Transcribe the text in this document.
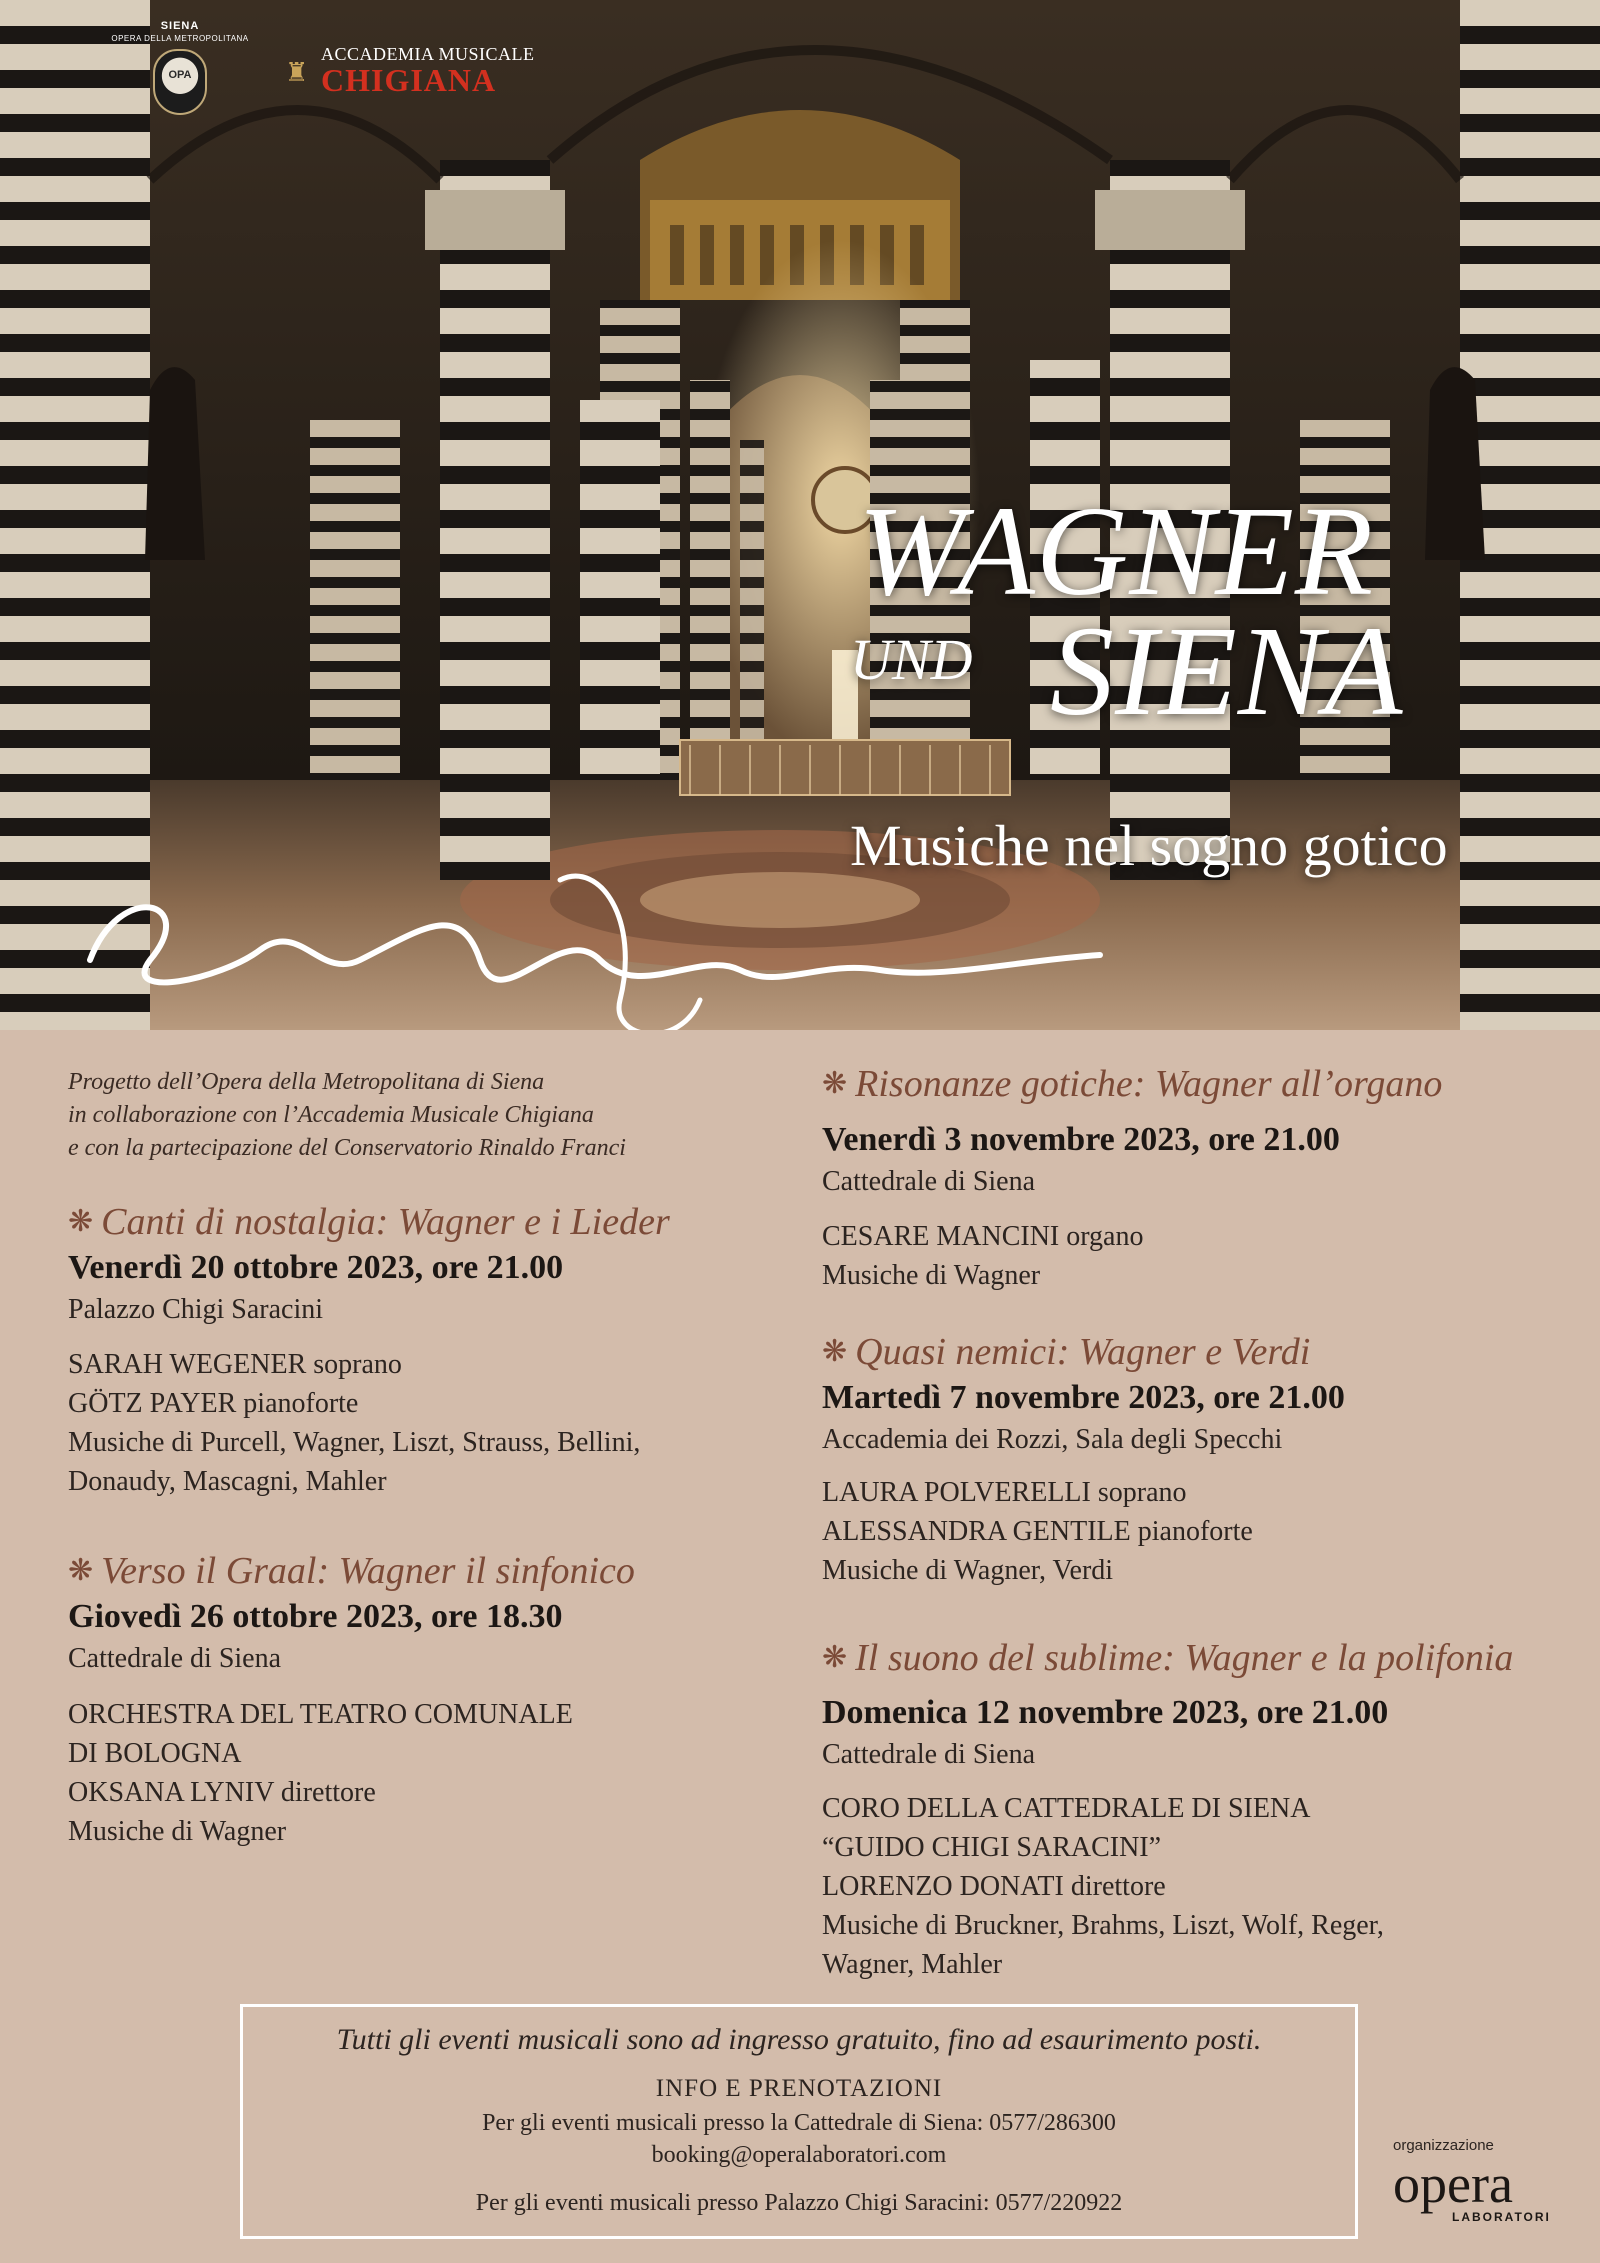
SIENA
OPERA DELLA METROPOLITANA
OPA	♜
ACCADEMIA MUSICALE
CHIGIANA
WAGNER
UND SIENA
Musiche nel sogno gotico
Progetto dell’Opera della Metropolitana di Siena
in collaborazione con l’Accademia Musicale Chigiana
e con la partecipazione del Conservatorio Rinaldo Franci
❋ Canti di nostalgia: Wagner e i Lieder
Venerdì 20 ottobre 2023, ore 21.00
Palazzo Chigi Saracini
SARAH WEGENER soprano
GÖTZ PAYER pianoforte
Musiche di Purcell, Wagner, Liszt, Strauss, Bellini,
Donaudy, Mascagni, Mahler
❋ Verso il Graal: Wagner il sinfonico
Giovedì 26 ottobre 2023, ore 18.30
Cattedrale di Siena
ORCHESTRA DEL TEATRO COMUNALE
DI BOLOGNA
OKSANA LYNIV direttore
Musiche di Wagner
❋ Risonanze gotiche: Wagner all’organo
Venerdì 3 novembre 2023, ore 21.00
Cattedrale di Siena
CESARE MANCINI organo
Musiche di Wagner
❋ Quasi nemici: Wagner e Verdi
Martedì 7 novembre 2023, ore 21.00
Accademia dei Rozzi, Sala degli Specchi
LAURA POLVERELLI soprano
ALESSANDRA GENTILE pianoforte
Musiche di Wagner, Verdi
❋ Il suono del sublime: Wagner e la polifonia
Domenica 12 novembre 2023, ore 21.00
Cattedrale di Siena
CORO DELLA CATTEDRALE DI SIENA
“GUIDO CHIGI SARACINI”
LORENZO DONATI direttore
Musiche di Bruckner, Brahms, Liszt, Wolf, Reger,
Wagner, Mahler
Tutti gli eventi musicali sono ad ingresso gratuito, fino ad esaurimento posti.
INFO E PRENOTAZIONI
Per gli eventi musicali presso la Cattedrale di Siena: 0577/286300
booking@operalaboratori.com
Per gli eventi musicali presso Palazzo Chigi Saracini: 0577/220922
organizzazione
opera
LABORATORI
